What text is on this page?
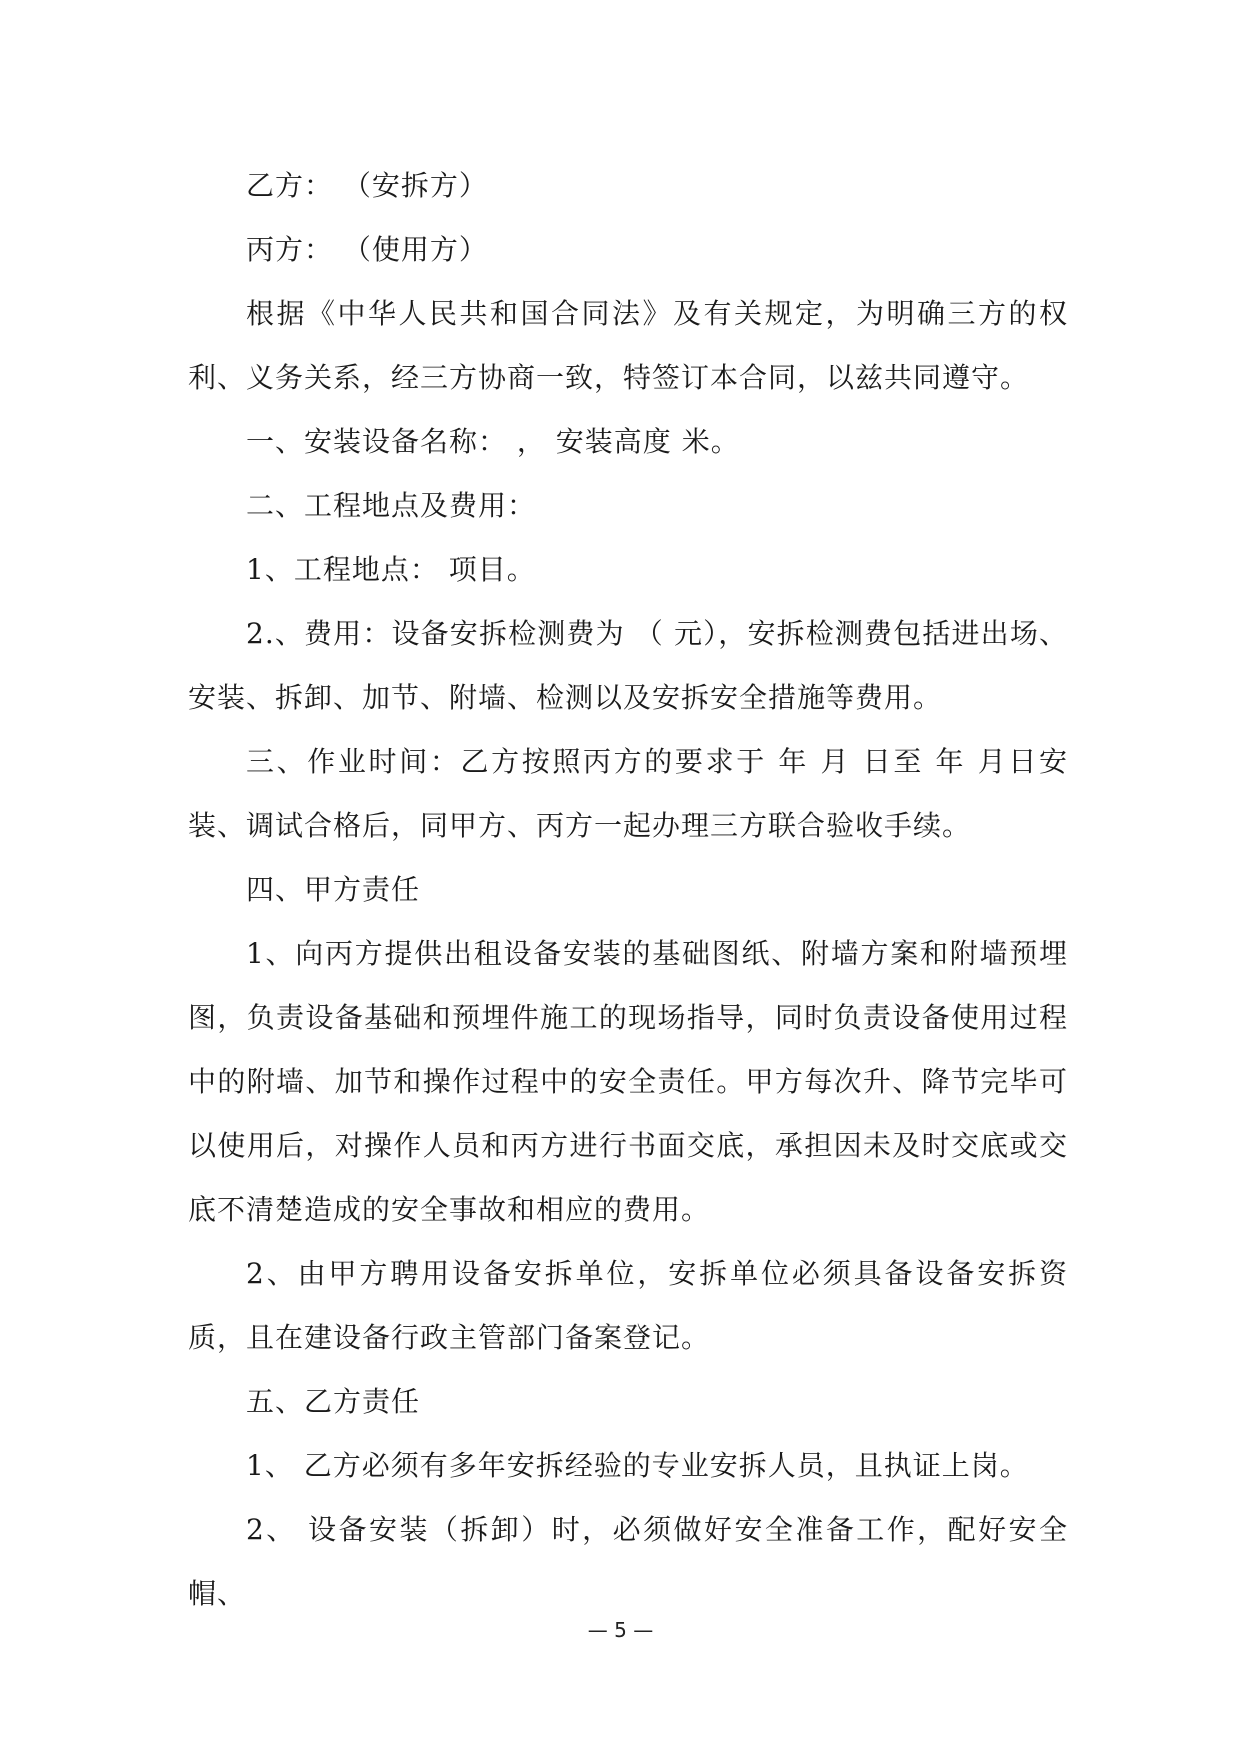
乙方： （安拆方）

丙方： （使用方）

根据《中华人民共和国合同法》及有关规定，为明确三方的权利、义务关系，经三方协商一致，特签订本合同，以兹共同遵守。

一、安装设备名称： ， 安装高度 米。

二、工程地点及费用：

1、工程地点： 项目。

2.、费用：设备安拆检测费为 （ 元），安拆检测费包括进出场、安装、拆卸、加节、附墙、检测以及安拆安全措施等费用。

三、作业时间：乙方按照丙方的要求于 年 月 日至 年 月日安装、调试合格后，同甲方、丙方一起办理三方联合验收手续。

四、甲方责任

1、向丙方提供出租设备安装的基础图纸、附墙方案和附墙预埋图，负责设备基础和预埋件施工的现场指导，同时负责设备使用过程中的附墙、加节和操作过程中的安全责任。甲方每次升、降节完毕可以使用后，对操作人员和丙方进行书面交底，承担因未及时交底或交底不清楚造成的安全事故和相应的费用。

2、由甲方聘用设备安拆单位，安拆单位必须具备设备安拆资质，且在建设备行政主管部门备案登记。

五、乙方责任

1、 乙方必须有多年安拆经验的专业安拆人员，且执证上岗。

2、 设备安装（拆卸）时，必须做好安全准备工作，配好安全帽、

— 5 —
